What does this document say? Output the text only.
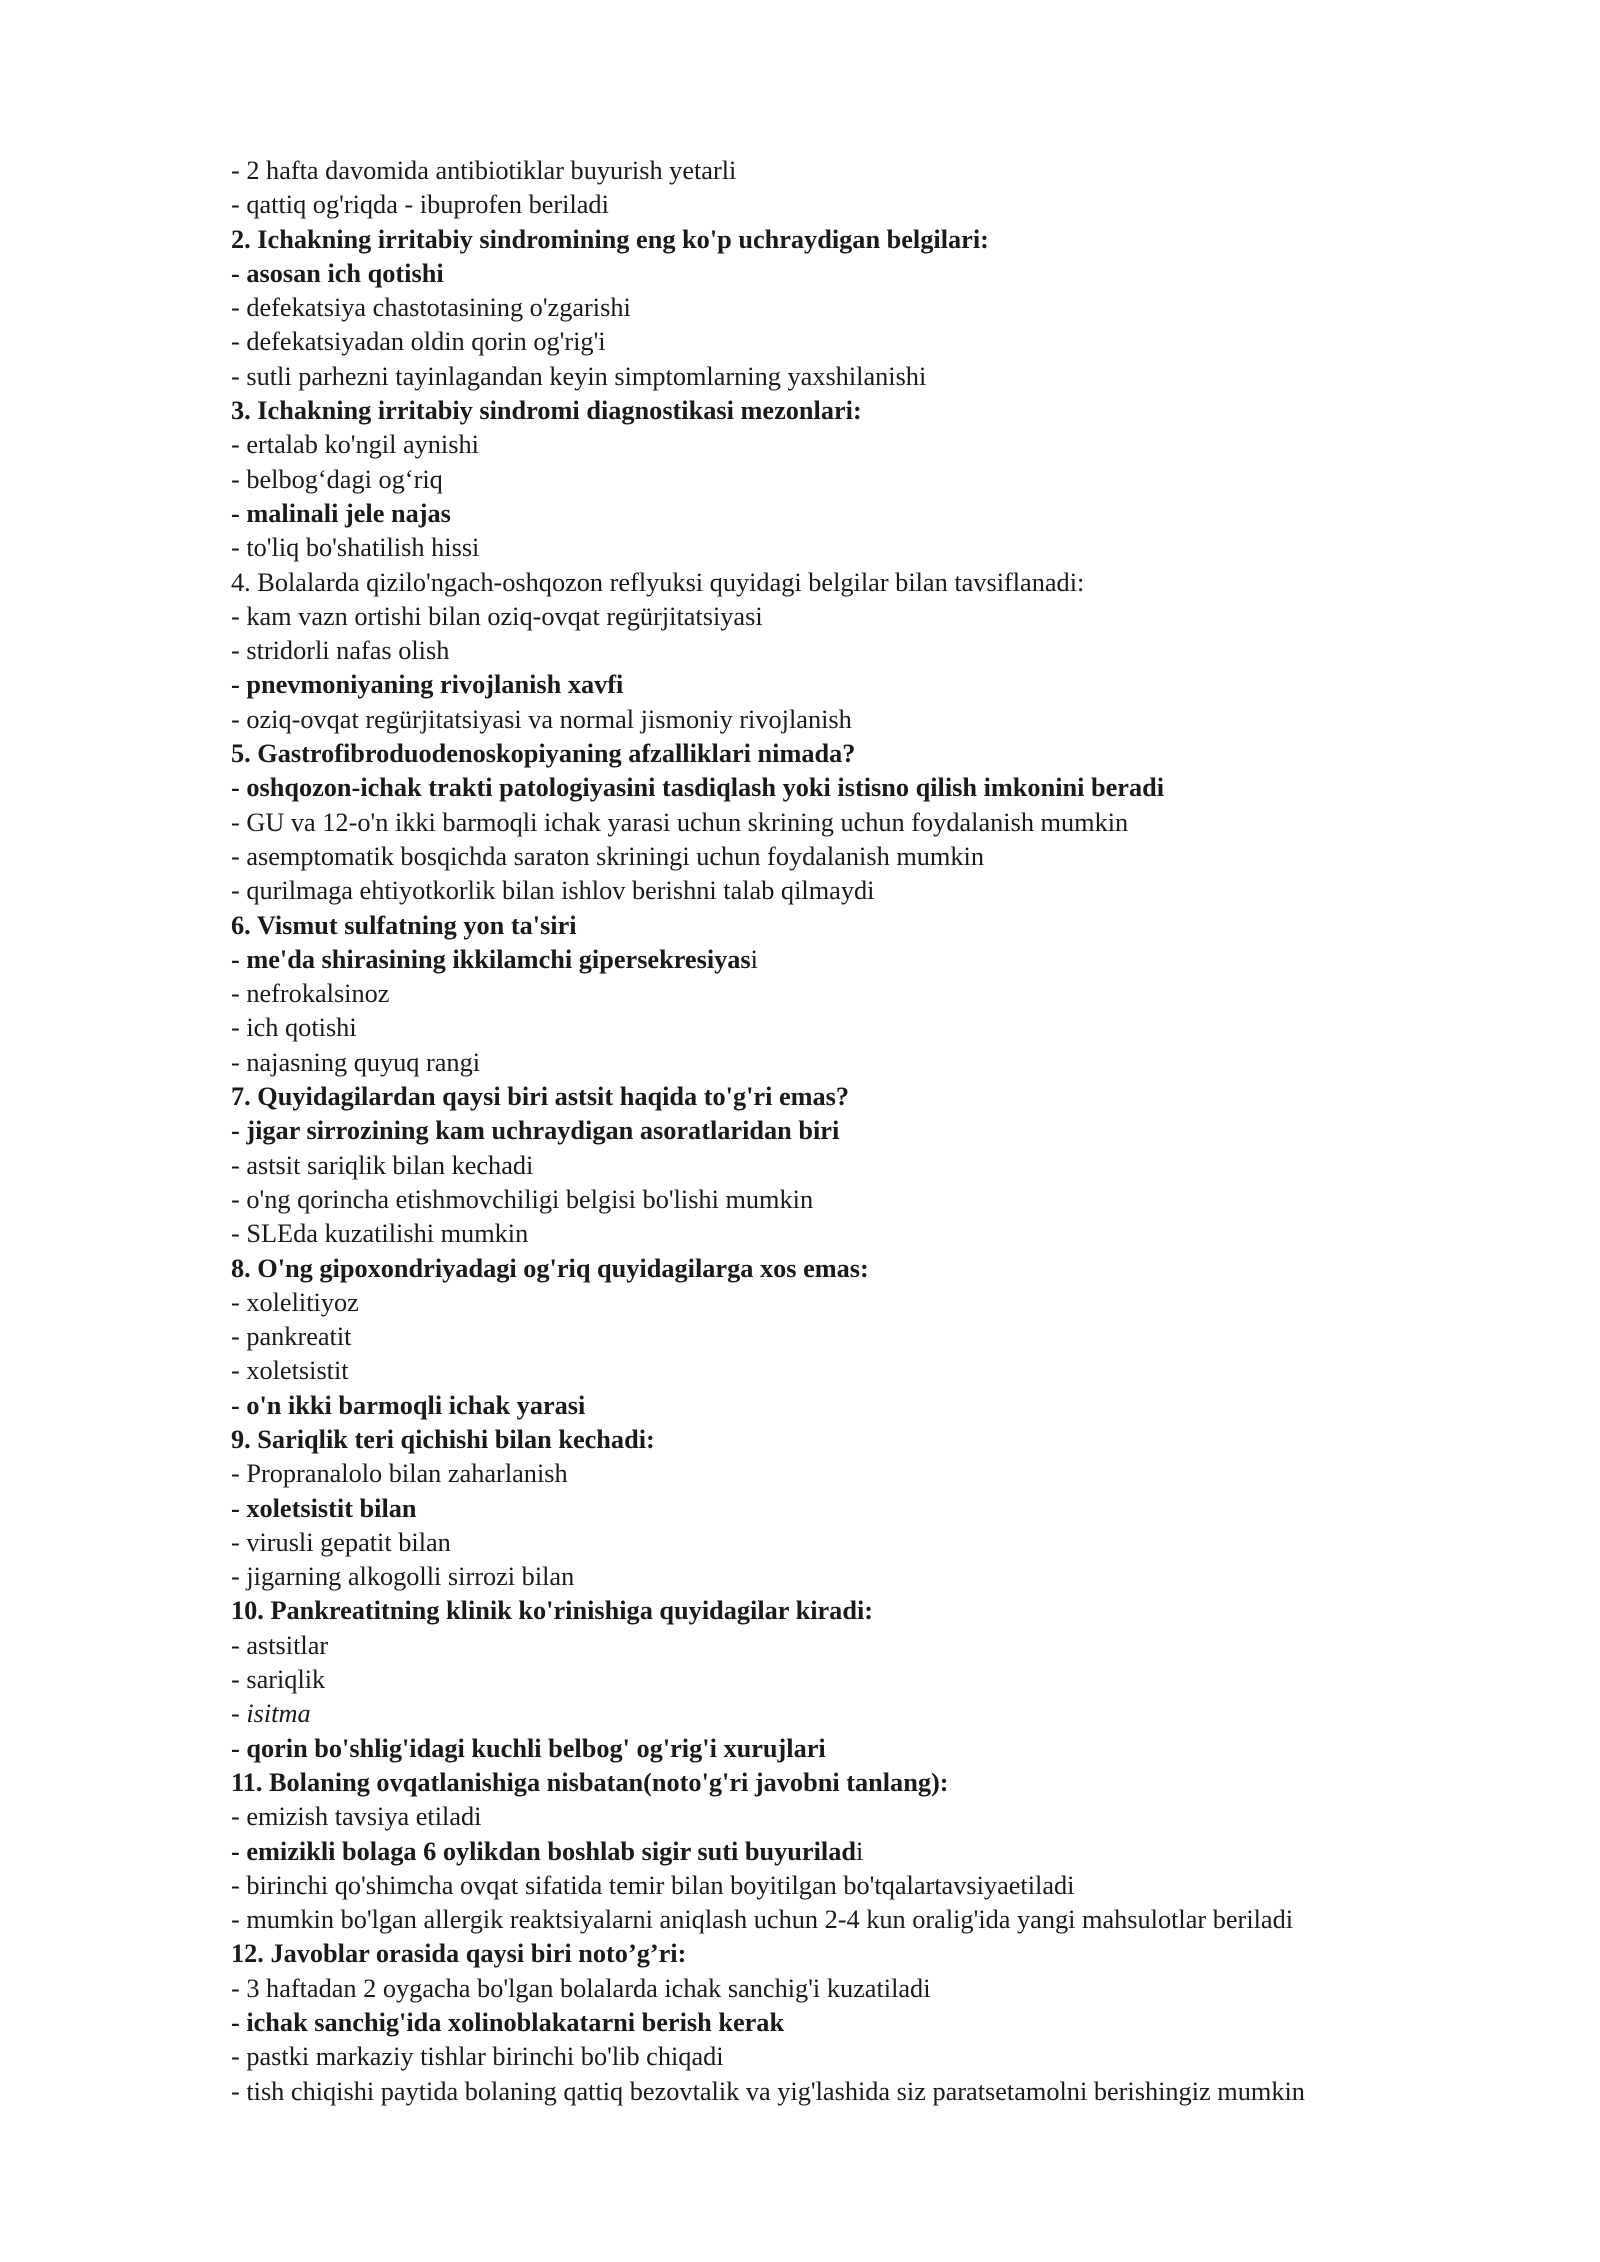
- 2 hafta davomida antibiotiklar buyurish yetarli
- qattiq og'riqda - ibuprofen beriladi
2. Ichakning irritabiy sindromining eng ko'p uchraydigan belgilari:
- asosan ich qotishi
- defekatsiya chastotasining o'zgarishi
- defekatsiyadan oldin qorin og'rig'i
- sutli parhezni tayinlagandan keyin simptomlarning yaxshilanishi
3. Ichakning irritabiy sindromi diagnostikasi mezonlari:
- ertalab ko'ngil aynishi
- belbog‘dagi og‘riq
- malinali jele najas
- to'liq bo'shatilish hissi
4. Bolalarda qizilo'ngach-oshqozon reflyuksi quyidagi belgilar bilan tavsiflanadi:
- kam vazn ortishi bilan oziq-ovqat regürjitatsiyasi
- stridorli nafas olish
- pnevmoniyaning rivojlanish xavfi
- oziq-ovqat regürjitatsiyasi va normal jismoniy rivojlanish
5. Gastrofibroduodenoskopiyaning afzalliklari nimada?
- oshqozon-ichak trakti patologiyasini tasdiqlash yoki istisno qilish imkonini beradi
- GU va 12-o'n ikki barmoqli ichak yarasi uchun skrining uchun foydalanish mumkin
- asemptomatik bosqichda saraton skriningi uchun foydalanish mumkin
- qurilmaga ehtiyotkorlik bilan ishlov berishni talab qilmaydi
6. Vismut sulfatning yon ta'siri
- me'da shirasining ikkilamchi gipersekresiyasi
- nefrokalsinoz
- ich qotishi
- najasning quyuq rangi
7. Quyidagilardan qaysi biri astsit haqida to'g'ri emas?
- jigar sirrozining kam uchraydigan asoratlaridan biri
- astsit sariqlik bilan kechadi
- o'ng qorincha etishmovchiligi belgisi bo'lishi mumkin
- SLEda kuzatilishi mumkin
8. O'ng gipoxondriyadagi og'riq quyidagilarga xos emas:
- xolelitiyoz
- pankreatit
- xoletsistit
- o'n ikki barmoqli ichak yarasi
9. Sariqlik teri qichishi bilan kechadi:
- Propranalolo bilan zaharlanish
- xoletsistit bilan
- virusli gepatit bilan
- jigarning alkogolli sirrozi bilan
10. Pankreatitning klinik ko'rinishiga quyidagilar kiradi:
- astsitlar
- sariqlik
- isitma
- qorin bo'shlig'idagi kuchli belbog' og'rig'i xurujlari
11. Bolaning ovqatlanishiga nisbatan(noto'g'ri javobni tanlang):
- emizish tavsiya etiladi
- emizikli bolaga 6 oylikdan boshlab sigir suti buyuriladi
- birinchi qo'shimcha ovqat sifatida temir bilan boyitilgan bo'tqalartavsiyaetiladi
- mumkin bo'lgan allergik reaktsiyalarni aniqlash uchun 2-4 kun oralig'ida yangi mahsulotlar beriladi
12. Javoblar orasida qaysi biri noto’g’ri:
- 3 haftadan 2 oygacha bo'lgan bolalarda ichak sanchig'i kuzatiladi
- ichak sanchig'ida xolinoblakatarni berish kerak
- pastki markaziy tishlar birinchi bo'lib chiqadi
- tish chiqishi paytida bolaning qattiq bezovtalik va yig'lashida siz paratsetamolni berishingiz mumkin
